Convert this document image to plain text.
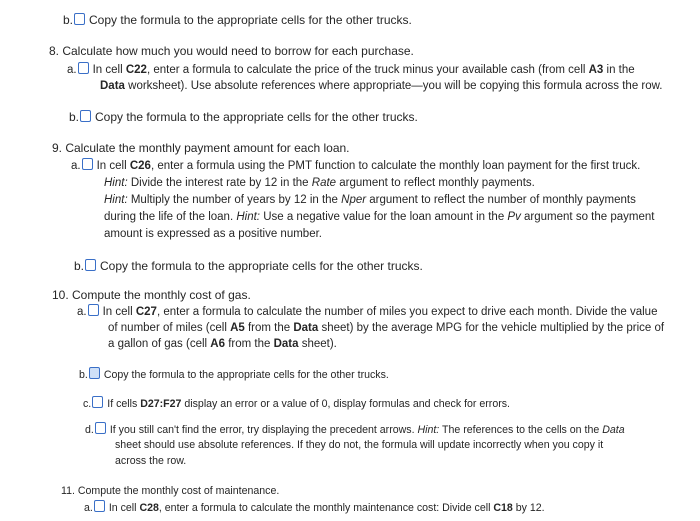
b. Copy the formula to the appropriate cells for the other trucks.
8. Calculate how much you would need to borrow for each purchase.
a. In cell C22, enter a formula to calculate the price of the truck minus your available cash (from cell A3 in the
Data worksheet). Use absolute references where appropriate—you will be copying this formula across the row.
b. Copy the formula to the appropriate cells for the other trucks.
9. Calculate the monthly payment amount for each loan.
a. In cell C26, enter a formula using the PMT function to calculate the monthly loan payment for the first truck.
Hint: Divide the interest rate by 12 in the Rate argument to reflect monthly payments.
Hint: Multiply the number of years by 12 in the Nper argument to reflect the number of monthly payments
during the life of the loan. Hint: Use a negative value for the loan amount in the Pv argument so the payment
amount is expressed as a positive number.
b. Copy the formula to the appropriate cells for the other trucks.
10. Compute the monthly cost of gas.
a. In cell C27, enter a formula to calculate the number of miles you expect to drive each month. Divide the value
of number of miles (cell A5 from the Data sheet) by the average MPG for the vehicle multiplied by the price of
a gallon of gas (cell A6 from the Data sheet).
b. Copy the formula to the appropriate cells for the other trucks.
c. If cells D27:F27 display an error or a value of 0, display formulas and check for errors.
d. If you still can't find the error, try displaying the precedent arrows. Hint: The references to the cells on the Data
sheet should use absolute references. If they do not, the formula will update incorrectly when you copy it
across the row.
11. Compute the monthly cost of maintenance.
a. In cell C28, enter a formula to calculate the monthly maintenance cost: Divide cell C18 by 12.
